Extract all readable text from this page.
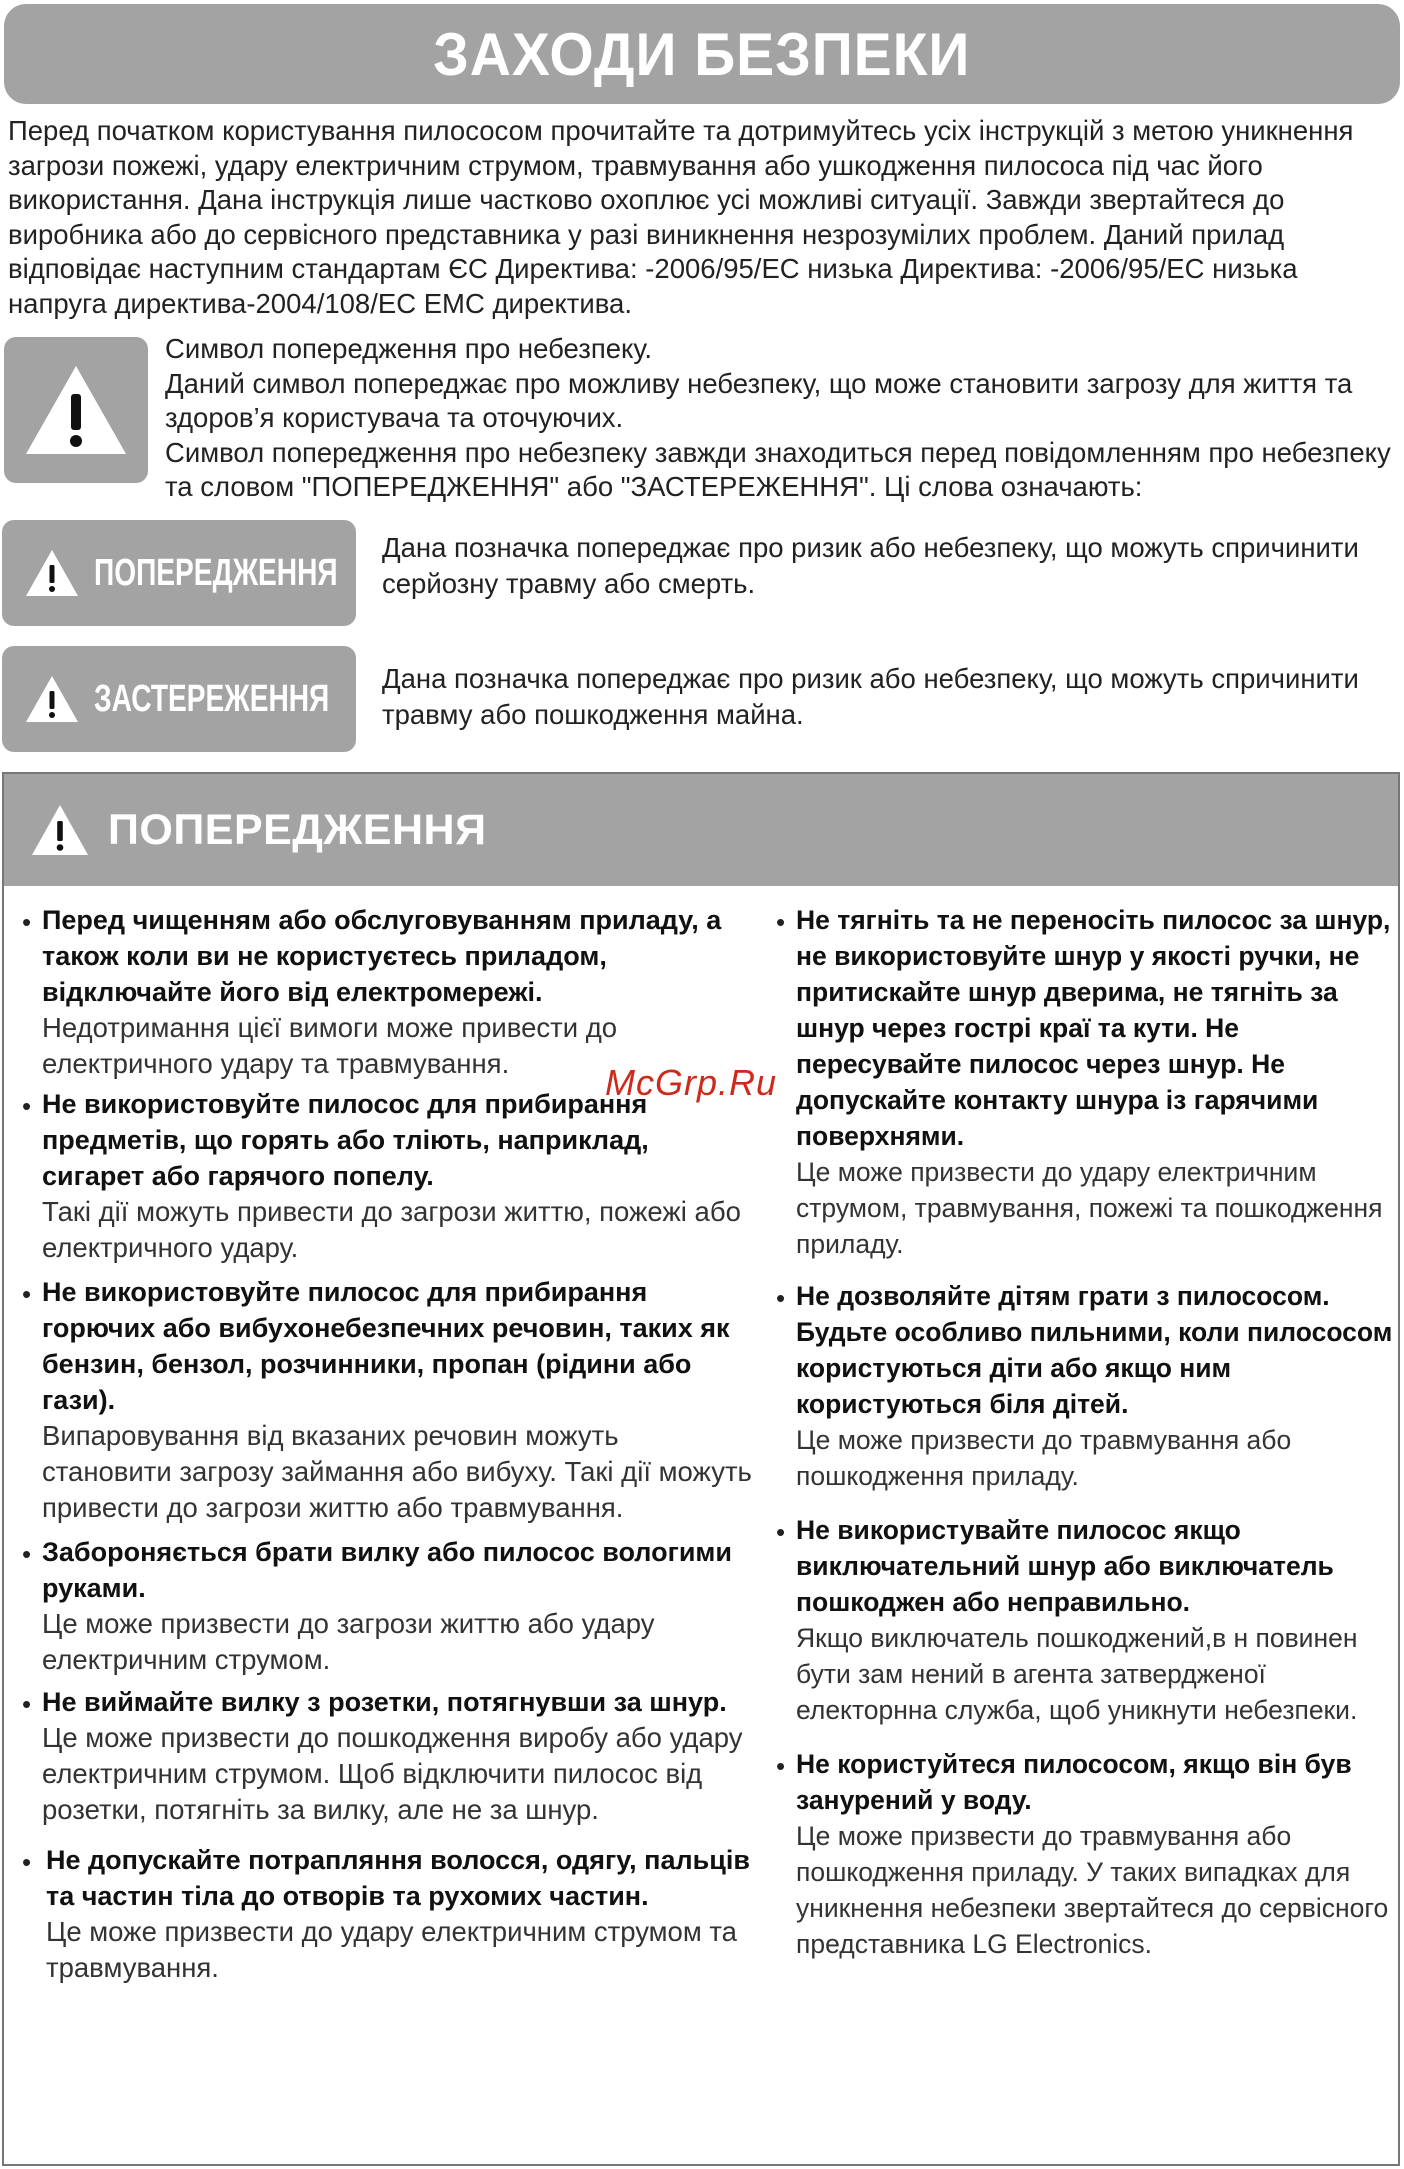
ЗАХОДИ БЕЗПЕКИ

Перед початком користування пилососом прочитайте та дотримуйтесь усіх інструкцій з метою уникнення загрози пожежі, удару електричним струмом, травмування або ушкодження пилососа під час його використання. Дана інструкція лише частково охоплює усі можливі ситуації. Завжди звертайтеся до виробника або до сервісного представника у разі виникнення незрозумілих проблем. Даний прилад відповідає наступним стандартам ЄС Директива: -2006/95/ЕС низька Директива: -2006/95/ЕС низька напруга директива-2004/108/ЕС ЕМС директива.

Символ попередження про небезпеку.
Даний символ попереджає про можливу небезпеку, що може становити загрозу для життя та здоров’я користувача та оточуючих.
Символ попередження про небезпеку завжди знаходиться перед повідомленням про небезпеку та словом "ПОПЕРЕДЖЕННЯ" або "ЗАСТЕРЕЖЕННЯ". Ці слова означають:
ПОПЕРЕДЖЕННЯ

Дана позначка попереджає про ризик або небезпеку, що можуть спричинити серйозну травму або смерть.

ЗАСТЕРЕЖЕННЯ Дана позначка попереджає про ризик або небезпеку, що можуть спричинити травму або пошкодження майна.

ПОПЕРЕДЖЕННЯ
• Перед чищенням або обслуговуванням приладу, а також коли ви не користуєтесь приладом, відключайте його від електромережі.

Недотримання цієї вимоги може привести до електричного удару та травмування.

• Не використовуйте пилосос для прибирання предметів, що горять або тліють, наприклад, сигарет або гарячого попелу.

Такі дії можуть привести до загрози життю, пожежі або електричного удару.

• Не використовуйте пилосос для прибирання горючих або вибухонебезпечних речовин, таких як бензин, бензол, розчинники, пропан (рідини або гази).

Випаровування від вказаних речовин можуть становити загрозу займання або вибуху. Такі дії можуть привести до загрози життю або травмування.

• Забороняється брати вилку або пилосос вологими руками.

Це може призвести до загрози життю або удару електричним струмом.

• Не виймайте вилку з розетки, потягнувши за шнур.

Це може призвести до пошкодження виробу або удару електричним струмом. Щоб відключити пилосос від розетки, потягніть за вилку, але не за шнур.

• Не допускайте потрапляння волосся, одягу, пальців та частин тіла до отворів та рухомих частин.

Це може призвести до удару електричним струмом та травмування.

• Не тягніть та не переносіть пилосос за шнур, не використовуйте шнур у якості ручки, не притискайте шнур дверима, не тягніть за шнур через гострі краї та кути. Не пересувайте пилосос через шнур. Не допускайте контакту шнура із гарячими поверхнями.

Це може призвести до удару електричним струмом, травмування, пожежі та пошкодження приладу.

• Не дозволяйте дітям грати з пилососом. Будьте особливо пильними, коли пилососом користуються діти або якщо ним користуються біля дітей.

Це може призвести до травмування або пошкодження приладу.

• Не використувайте пилосос якщо виключательний шнур або виключатель пошкоджен або неправильно.

Якщо виключатель пошкоджений,в н повинен бути зам нений в агента затвердженої електорнна служба, щоб уникнути небезпеки.

• Не користуйтеся пилососом, якщо він був занурений у воду.

Це може призвести до травмування або пошкодження приладу. У таких випадках для уникнення небезпеки звертайтеся до сервісного представника LG Electronics.

McGrp.Ru
